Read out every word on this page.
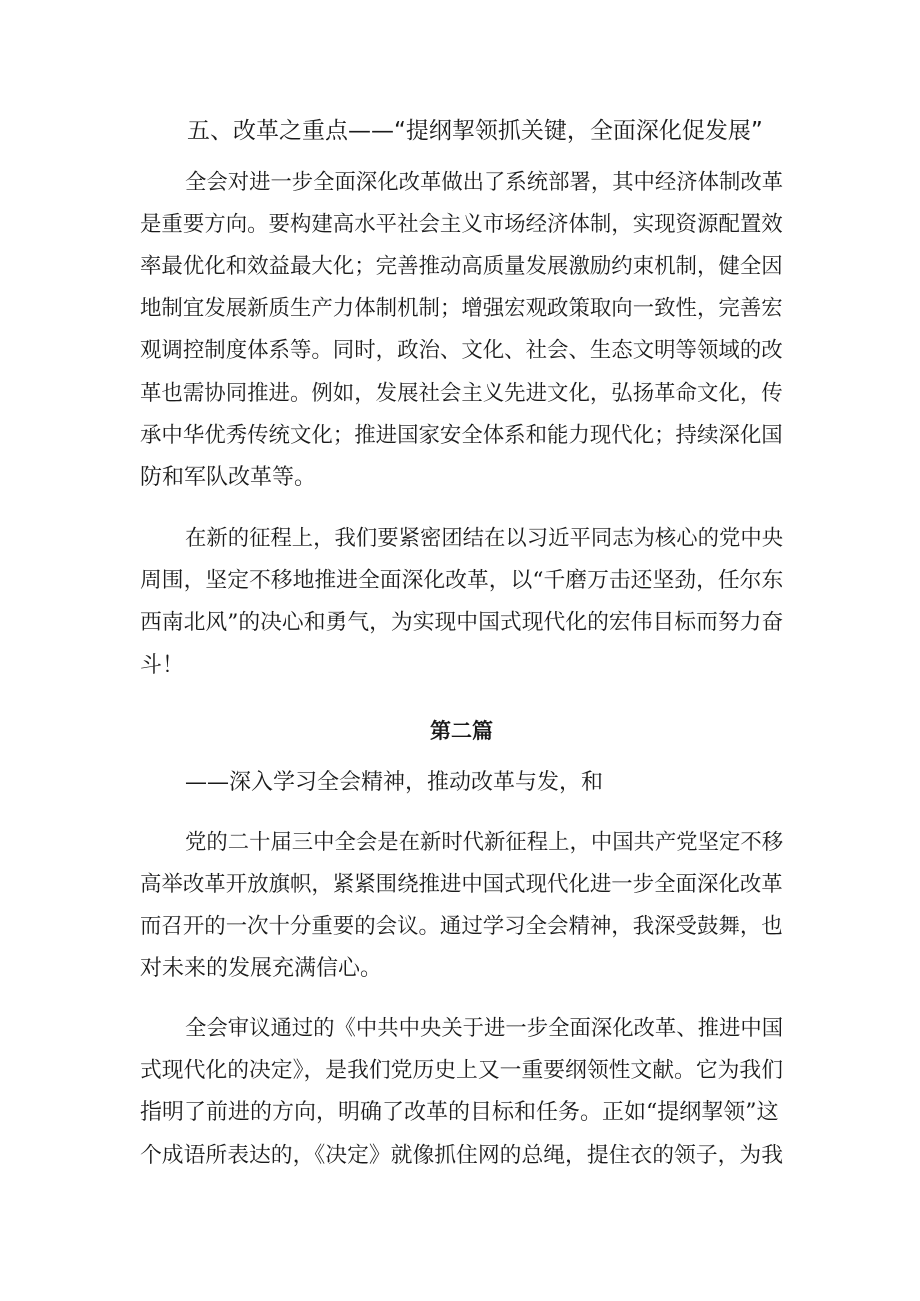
五、改革之重点——“提纲挈领抓关键，全面深化促发展”
全会对进一步全面深化改革做出了系统部署，其中经济体制改革
是重要方向。要构建高水平社会主义市场经济体制，实现资源配置效
率最优化和效益最大化；完善推动高质量发展激励约束机制，健全因
地制宜发展新质生产力体制机制；增强宏观政策取向一致性，完善宏
观调控制度体系等。同时，政治、文化、社会、生态文明等领域的改
革也需协同推进。例如，发展社会主义先进文化，弘扬革命文化，传
承中华优秀传统文化；推进国家安全体系和能力现代化；持续深化国
防和军队改革等。
在新的征程上，我们要紧密团结在以习近平同志为核心的党中央
周围，坚定不移地推进全面深化改革，以“千磨万击还坚劲，任尔东
西南北风”的决心和勇气，为实现中国式现代化的宏伟目标而努力奋
斗！
第二篇
——深入学习全会精神，推动改革与发，和
党的二十届三中全会是在新时代新征程上，中国共产党坚定不移
高举改革开放旗帜，紧紧围绕推进中国式现代化进一步全面深化改革
而召开的一次十分重要的会议。通过学习全会精神，我深受鼓舞，也
对未来的发展充满信心。
全会审议通过的《中共中央关于进一步全面深化改革、推进中国
式现代化的决定》，是我们党历史上又一重要纲领性文献。它为我们
指明了前进的方向，明确了改革的目标和任务。正如“提纲挈领”这
个成语所表达的，《决定》就像抓住网的总绳，提住衣的领子，为我
